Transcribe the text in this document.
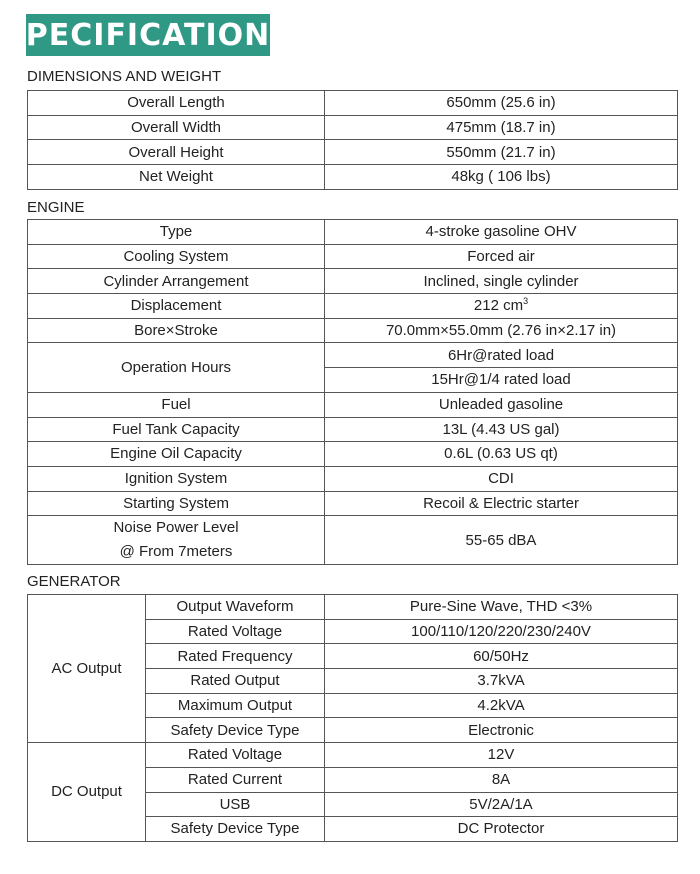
SPECIFICATIONS
DIMENSIONS AND WEIGHT
Overall Length	650mm (25.6 in)
Overall Width	475mm (18.7 in)
Overall Height	550mm (21.7 in)
Net Weight	48kg ( 106 lbs)
ENGINE
Type	4-stroke gasoline OHV
Cooling System	Forced air
Cylinder Arrangement	Inclined, single cylinder
Displacement	212 $cm^3$
Bore×Stroke	70.0mm×55.0mm (2.76 in×2.17 in)
Operation Hours	6Hr@rated load
	15Hr@1/4 rated load
Fuel	Unleaded gasoline
Fuel Tank Capacity	13L (4.43 US gal)
Engine Oil Capacity	0.6L (0.63 US qt)
Ignition System	CDI
Starting System	Recoil & Electric starter
Noise Power Level
@ From 7meters	55-65 dBA
GENERATOR
AC Output	Output Waveform	Pure-Sine Wave, THD <3%
	Rated Voltage	100/110/120/220/230/240V
	Rated Frequency	60/50Hz
	Rated Output	3.7kVA
	Maximum Output	4.2kVA
	Safety Device Type	Electronic
DC Output	Rated Voltage	12V
	Rated Current	8A
	USB	5V/2A/1A
	Safety Device Type	DC Protector
